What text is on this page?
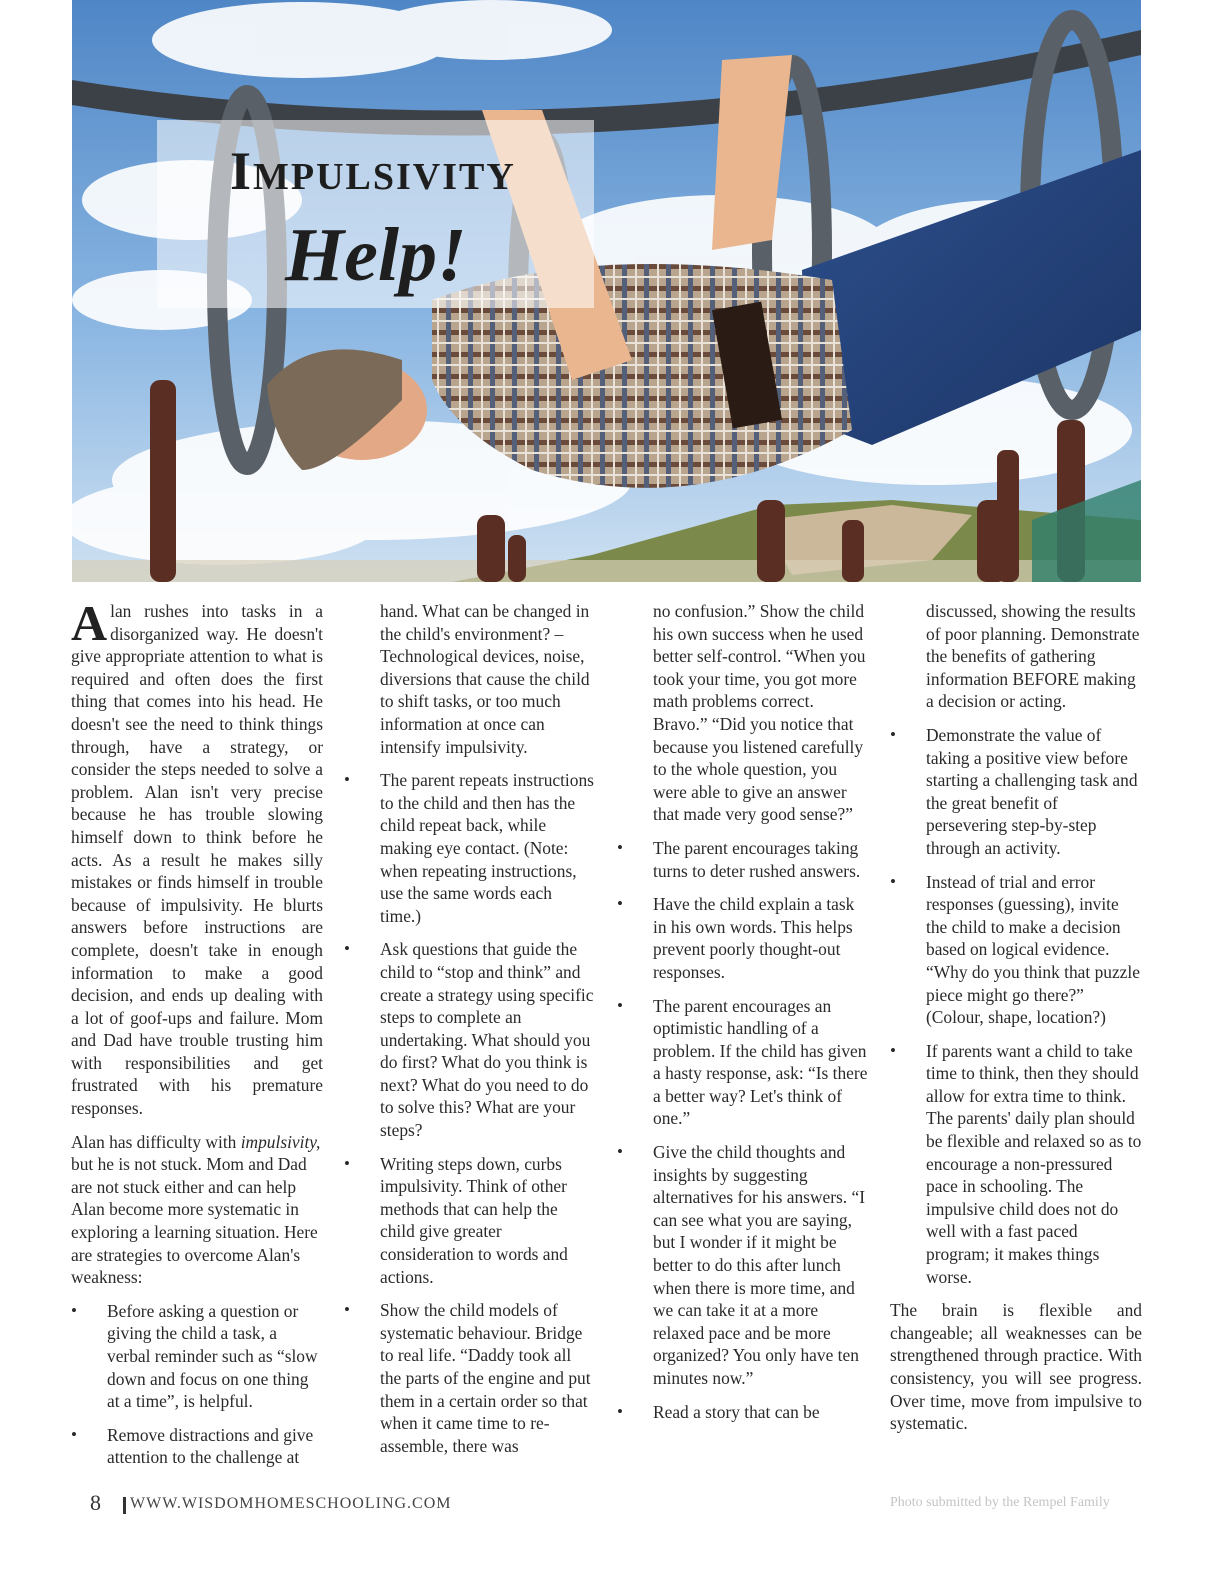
Impulsivity
Help!

Alan rushes into tasks in a disorganized way. He doesn't give appropriate attention to what is required and often does the first thing that comes into his head. He doesn't see the need to think things through, have a strategy, or consider the steps needed to solve a problem. Alan isn't very precise because he has trouble slowing himself down to think before he acts. As a result he makes silly mistakes or finds himself in trouble because of impulsivity. He blurts answers before instructions are complete, doesn't take in enough information to make a good decision, and ends up dealing with a lot of goof-ups and failure. Mom and Dad have trouble trusting him with responsibilities and get frustrated with his premature responses.

Alan has difficulty with impulsivity, but he is not stuck. Mom and Dad are not stuck either and can help Alan become more systematic in exploring a learning situation. Here are strategies to overcome Alan's weakness:

•	Before asking a question or giving the child a task, a verbal reminder such as “slow down and focus on one thing at a time”, is helpful.
•	Remove distractions and give attention to the challenge at

hand. What can be changed in the child's environment? – Technological devices, noise, diversions that cause the child to shift tasks, or too much information at once can intensify impulsivity.

•	The parent repeats instructions to the child and then has the child repeat back, while making eye contact. (Note: when repeating instructions, use the same words each time.)
•	Ask questions that guide the child to “stop and think” and create a strategy using specific steps to complete an undertaking. What should you do first? What do you think is next? What do you need to do to solve this? What are your steps?
•	Writing steps down, curbs impulsivity. Think of other methods that can help the child give greater consideration to words and actions.
•	Show the child models of systematic behaviour. Bridge to real life. “Daddy took all the parts of the engine and put them in a certain order so that when it came time to re-assemble, there was

no confusion.” Show the child his own success when he used better self-control. “When you took your time, you got more math problems correct. Bravo.” “Did you notice that because you listened carefully to the whole question, you were able to give an answer that made very good sense?”

•	The parent encourages taking turns to deter rushed answers.
•	Have the child explain a task in his own words. This helps prevent poorly thought-out responses.
•	The parent encourages an optimistic handling of a problem. If the child has given a hasty response, ask: “Is there a better way? Let's think of one.”
•	Give the child thoughts and insights by suggesting alternatives for his answers. “I can see what you are saying, but I wonder if it might be better to do this after lunch when there is more time, and we can take it at a more relaxed pace and be more organized? You only have ten minutes now.”
•	Read a story that can be

discussed, showing the results of poor planning. Demonstrate the benefits of gathering information BEFORE making a decision or acting.

•	Demonstrate the value of taking a positive view before starting a challenging task and the great benefit of persevering step-by-step through an activity.
•	Instead of trial and error responses (guessing), invite the child to make a decision based on logical evidence. “Why do you think that puzzle piece might go there?” (Colour, shape, location?)
•	If parents want a child to take time to think, then they should allow for extra time to think. The parents' daily plan should be flexible and relaxed so as to encourage a non-pressured pace in schooling. The impulsive child does not do well with a fast paced program; it makes things worse.

The brain is flexible and changeable; all weaknesses can be strengthened through practice. With consistency, you will see progress. Over time, move from impulsive to systematic.

8 WWW.WISDOMHOMESCHOOLING.COM	Photo submitted by the Rempel Family
